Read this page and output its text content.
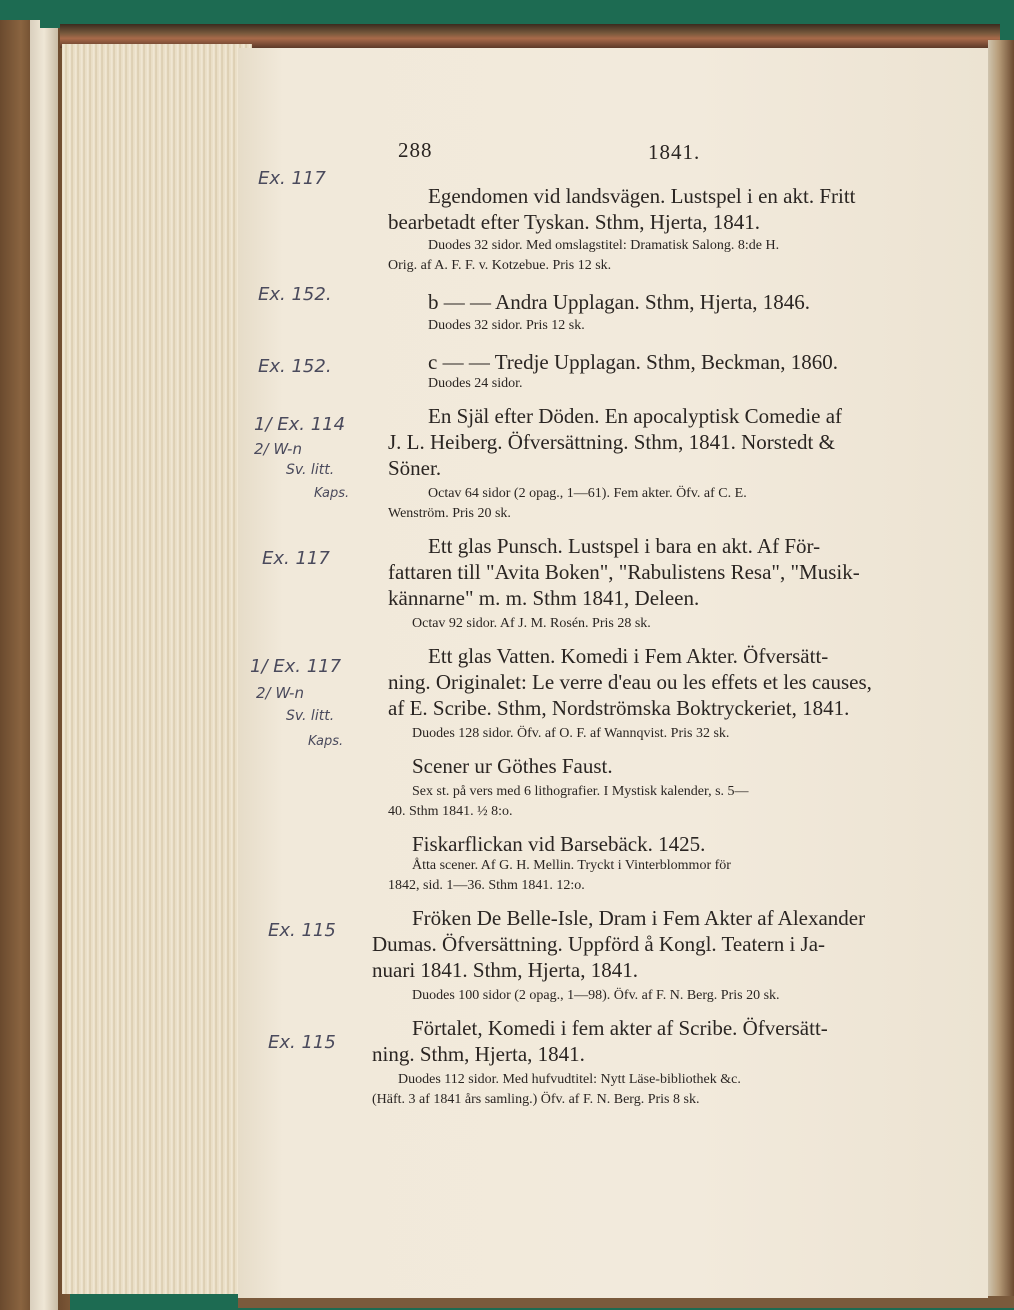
288	1841.
Egendomen vid landsvägen. Lustspel i en akt. Fritt
bearbetadt efter Tyskan. Sthm, Hjerta, 1841.
Duodes 32 sidor. Med omslagstitel: Dramatisk Salong. 8:de H.
Orig. af A. F. F. v. Kotzebue. Pris 12 sk.
b — — Andra Upplagan. Sthm, Hjerta, 1846.
Duodes 32 sidor. Pris 12 sk.
c — — Tredje Upplagan. Sthm, Beckman, 1860.
Duodes 24 sidor.
En Själ efter Döden. En apocalyptisk Comedie af
J. L. Heiberg. Öfversättning. Sthm, 1841. Norstedt &
Söner.
Octav 64 sidor (2 opag., 1—61). Fem akter. Öfv. af C. E.
Wenström. Pris 20 sk.
Ett glas Punsch. Lustspel i bara en akt. Af För-
fattaren till "Avita Boken", "Rabulistens Resa", "Musik-
kännarne" m. m. Sthm 1841, Deleen.
Octav 92 sidor. Af J. M. Rosén. Pris 28 sk.
Ett glas Vatten. Komedi i Fem Akter. Öfversätt-
ning. Originalet: Le verre d'eau ou les effets et les causes,
af E. Scribe. Sthm, Nordströmska Boktryckeriet, 1841.
Duodes 128 sidor. Öfv. af O. F. af Wannqvist. Pris 32 sk.
Scener ur Göthes Faust.
Sex st. på vers med 6 lithografier. I Mystisk kalender, s. 5—
40. Sthm 1841. ½ 8:o.
Fiskarflickan vid Barsebäck. 1425.
Åtta scener. Af G. H. Mellin. Tryckt i Vinterblommor för
1842, sid. 1—36. Sthm 1841. 12:o.
Fröken De Belle-Isle, Dram i Fem Akter af Alexander
Dumas. Öfversättning. Uppförd å Kongl. Teatern i Ja-
nuari 1841. Sthm, Hjerta, 1841.
Duodes 100 sidor (2 opag., 1—98). Öfv. af F. N. Berg. Pris 20 sk.
Förtalet, Komedi i fem akter af Scribe. Öfversätt-
ning. Sthm, Hjerta, 1841.
Duodes 112 sidor. Med hufvudtitel: Nytt Läse-bibliothek &c.
(Häft. 3 af 1841 års samling.) Öfv. af F. N. Berg. Pris 8 sk.
Ex. 117
Ex. 152.
Ex. 152.
1/ Ex. 114
2/ W-n
Sv. litt.
Kaps.
Ex. 117
1/ Ex. 117
2/ W-n
Sv. litt.
Kaps.
Ex. 115
Ex. 115
